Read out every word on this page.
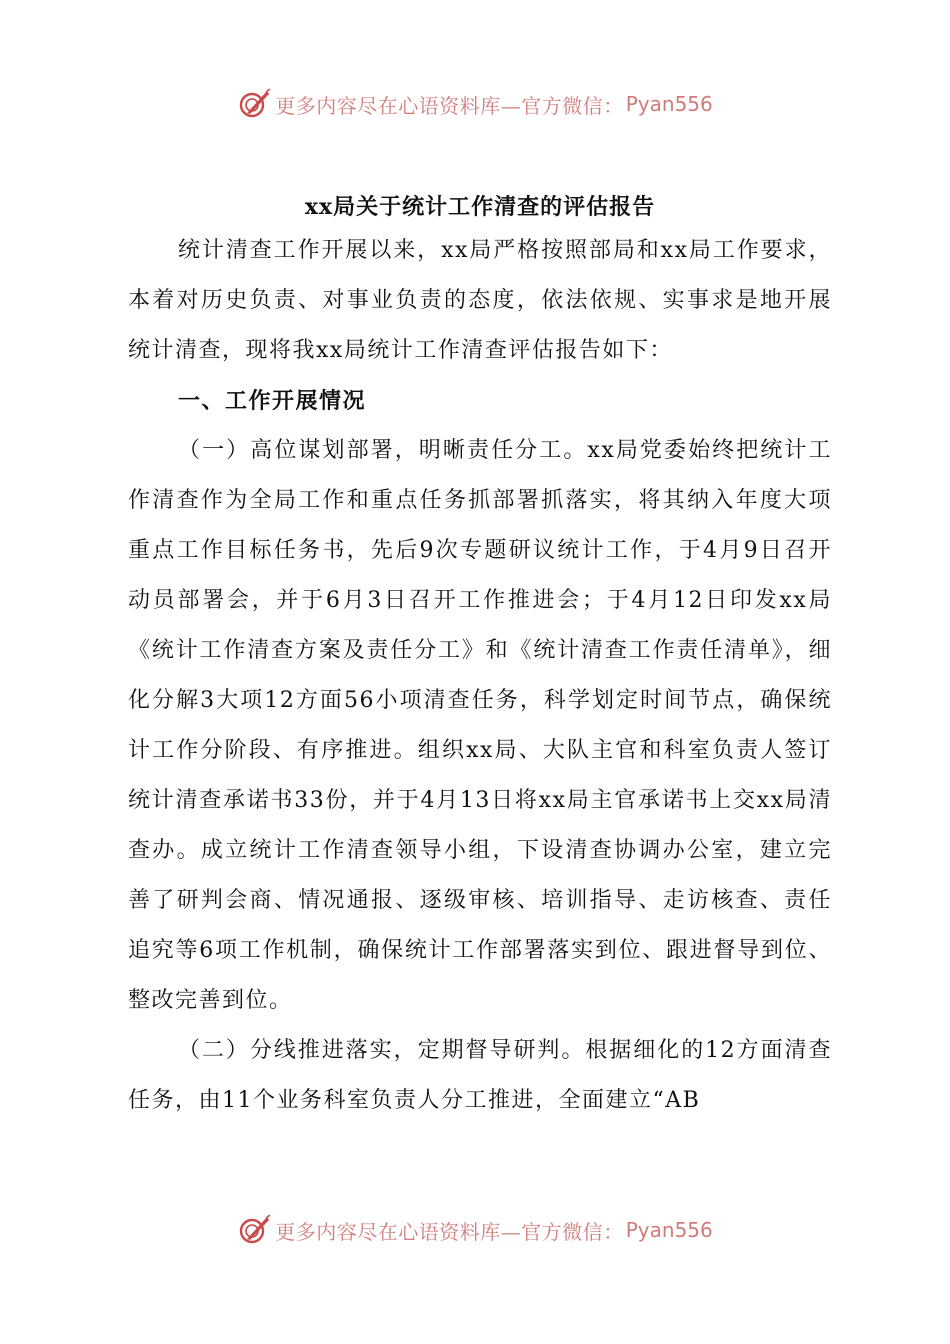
更多内容尽在心语资料库—官方微信： Pyan556
xx局关于统计工作清查的评估报告

统计清查工作开展以来，xx局严格按照部局和xx局工作要求，本着对历史负责、对事业负责的态度，依法依规、实事求是地开展统计清查，现将我xx局统计工作清查评估报告如下：

一、工作开展情况

（一）高位谋划部署，明晰责任分工。xx局党委始终把统计工作清查作为全局工作和重点任务抓部署抓落实，将其纳入年度大项重点工作目标任务书，先后9次专题研议统计工作，于4月9日召开动员部署会，并于6月3日召开工作推进会；于4月12日印发xx局《统计工作清查方案及责任分工》和《统计清查工作责任清单》，细化分解3大项12方面56小项清查任务，科学划定时间节点，确保统计工作分阶段、有序推进。组织xx局、大队主官和科室负责人签订统计清查承诺书33份，并于4月13日将xx局主官承诺书上交xx局清查办。成立统计工作清查领导小组，下设清查协调办公室，建立完善了研判会商、情况通报、逐级审核、培训指导、走访核查、责任追究等6项工作机制，确保统计工作部署落实到位、跟进督导到位、整改完善到位。

（二）分线推进落实，定期督导研判。根据细化的12方面清查任务，由11个业务科室负责人分工推进，全面建立“AB

更多内容尽在心语资料库—官方微信： Pyan556
